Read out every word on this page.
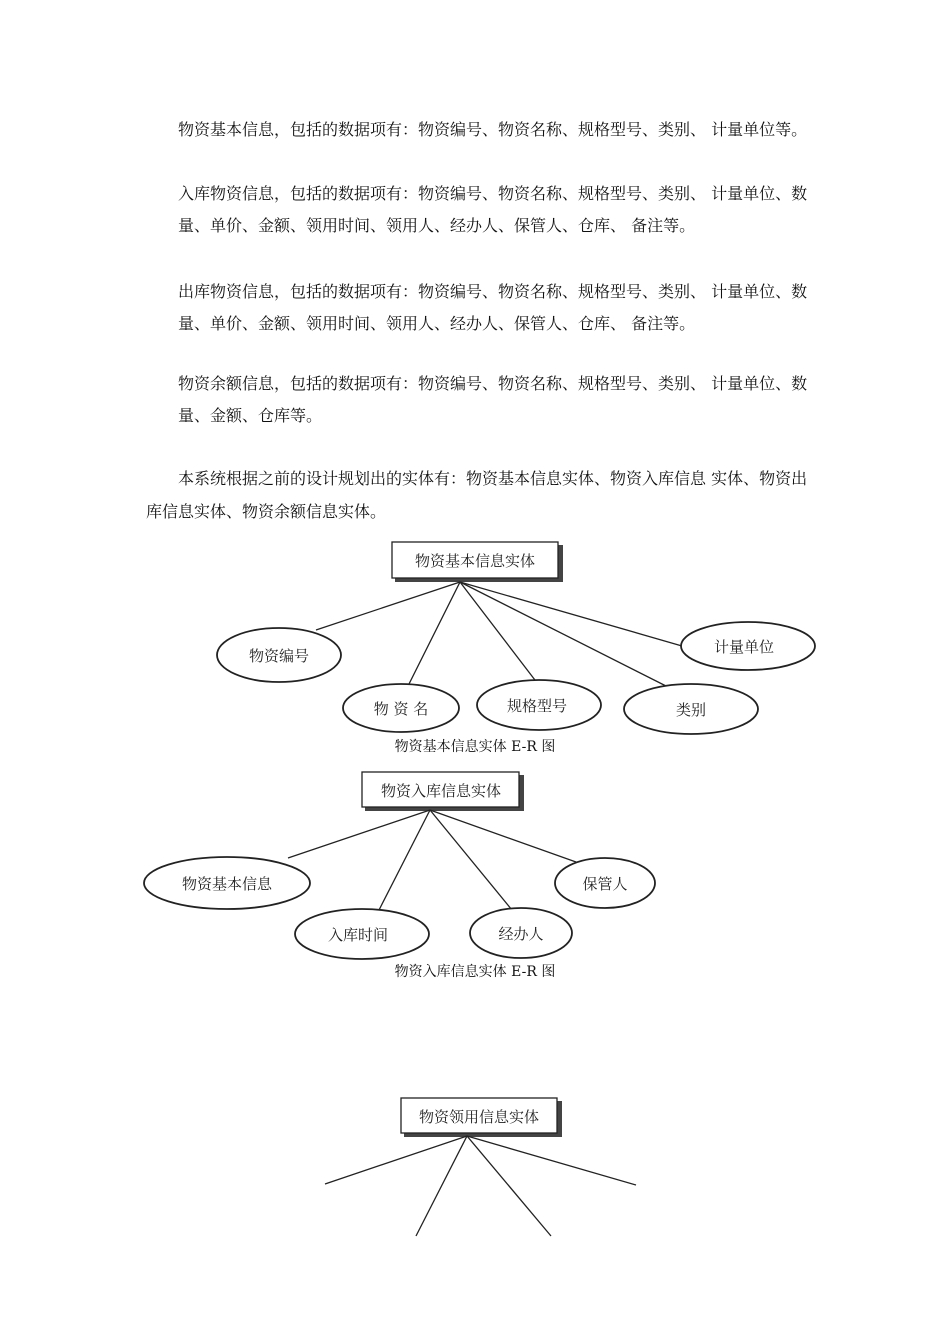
物资基本信息，包括的数据项有：物资编号、物资名称、规格型号、类别、 计量单位等。

入库物资信息，包括的数据项有：物资编号、物资名称、规格型号、类别、 计量单位、数量、单价、金额、领用时间、领用人、经办人、保管人、仓库、 备注等。

出库物资信息，包括的数据项有：物资编号、物资名称、规格型号、类别、 计量单位、数量、单价、金额、领用时间、领用人、经办人、保管人、仓库、 备注等。

物资余额信息，包括的数据项有：物资编号、物资名称、规格型号、类别、 计量单位、数量、金额、仓库等。

本系统根据之前的设计规划出的实体有：物资基本信息实体、物资入库信息 实体、物资出库信息实体、物资余额信息实体。

物资基本信息实体
物资编号
物 资 名	规格型号	类别
计量单位

物资基本信息实体 E-R 图

物资入库信息实体
物资基本信息
入库时间	经办人
保管人

物资入库信息实体 E-R 图

物资领用信息实体
